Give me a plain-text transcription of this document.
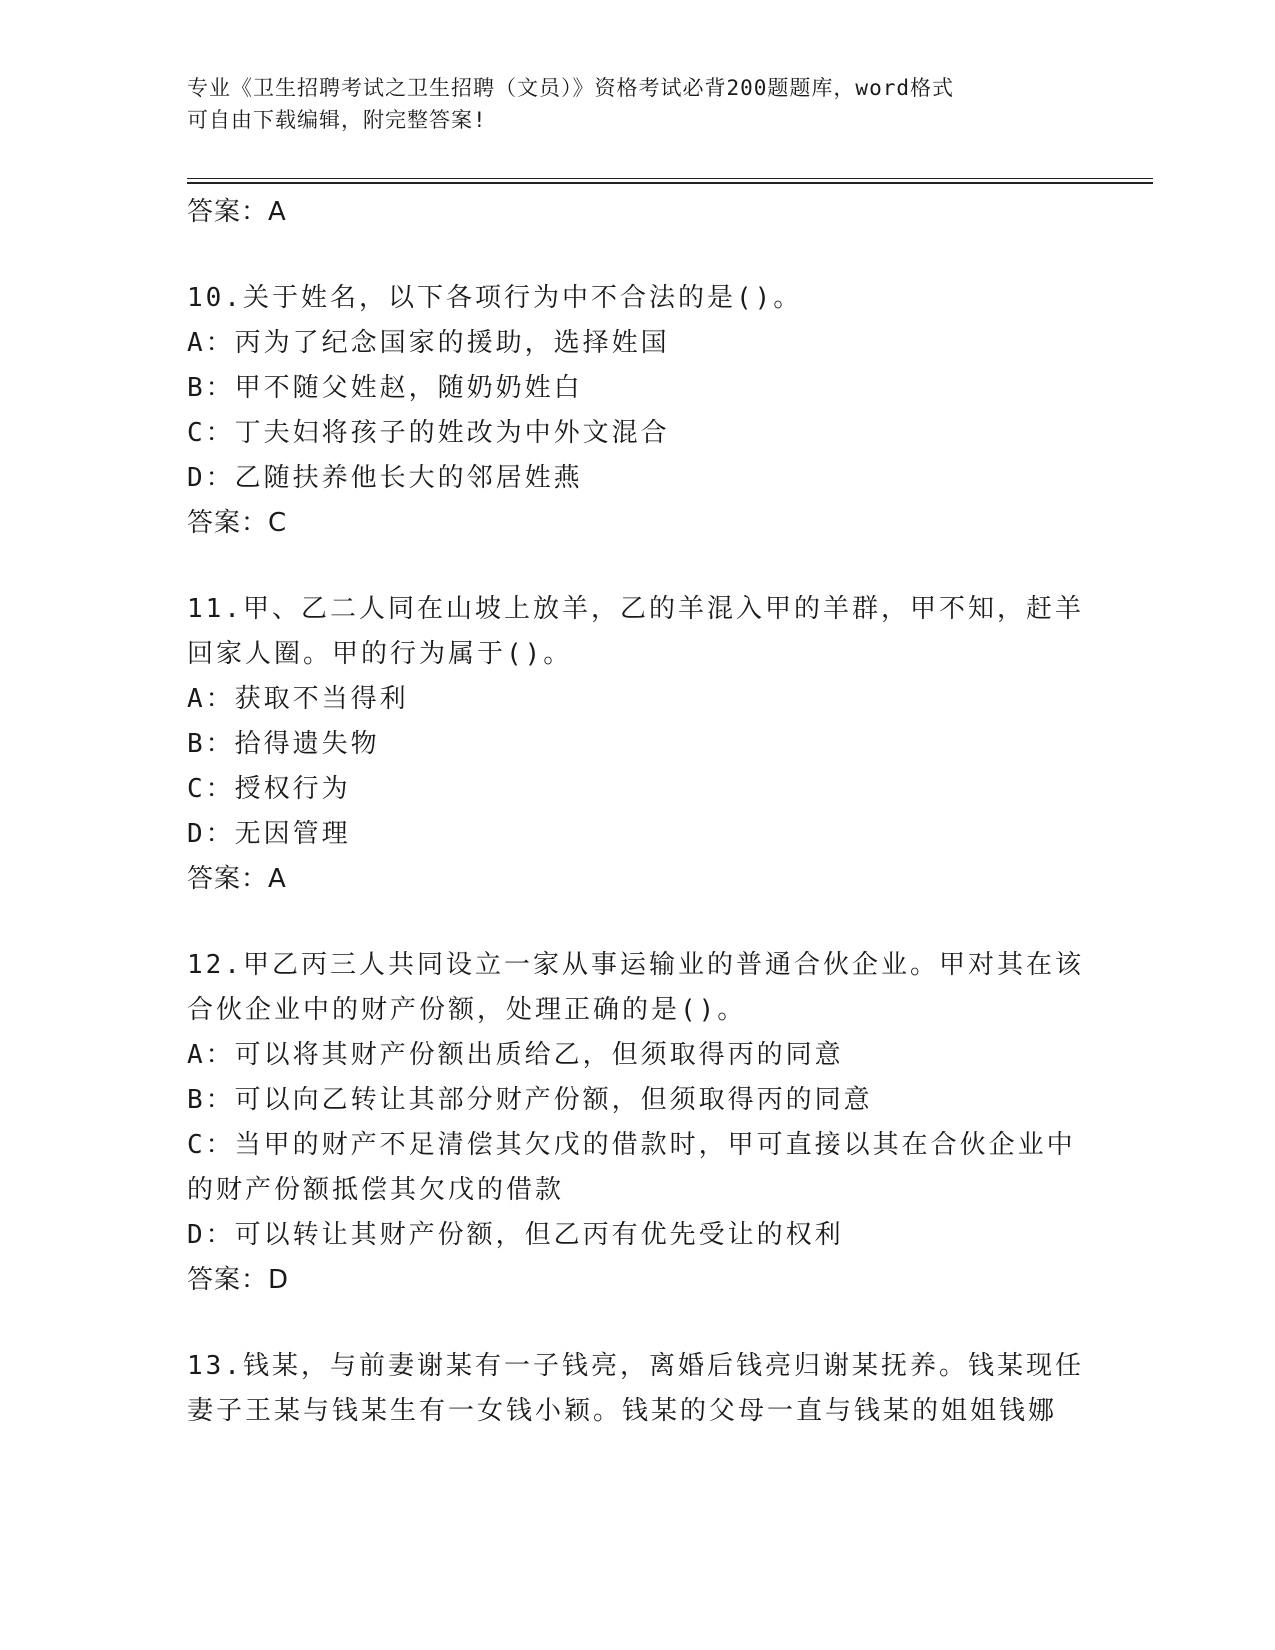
专业《卫生招聘考试之卫生招聘（文员）》资格考试必背200题题库，word格式
可自由下载编辑，附完整答案!
答案：A
10.关于姓名，以下各项行为中不合法的是()。
A：丙为了纪念国家的援助，选择姓国
B：甲不随父姓赵，随奶奶姓白
C：丁夫妇将孩子的姓改为中外文混合
D：乙随扶养他长大的邻居姓燕
答案：C
11.甲、乙二人同在山坡上放羊，乙的羊混入甲的羊群，甲不知，赶羊
回家人圈。甲的行为属于()。
A：获取不当得利
B：拾得遗失物
C：授权行为
D：无因管理
答案：A
12.甲乙丙三人共同设立一家从事运输业的普通合伙企业。甲对其在该
合伙企业中的财产份额，处理正确的是()。
A：可以将其财产份额出质给乙，但须取得丙的同意
B：可以向乙转让其部分财产份额，但须取得丙的同意
C：当甲的财产不足清偿其欠戊的借款时，甲可直接以其在合伙企业中
的财产份额抵偿其欠戊的借款
D：可以转让其财产份额，但乙丙有优先受让的权利
答案：D
13.钱某，与前妻谢某有一子钱亮，离婚后钱亮归谢某抚养。钱某现任
妻子王某与钱某生有一女钱小颖。钱某的父母一直与钱某的姐姐钱娜
